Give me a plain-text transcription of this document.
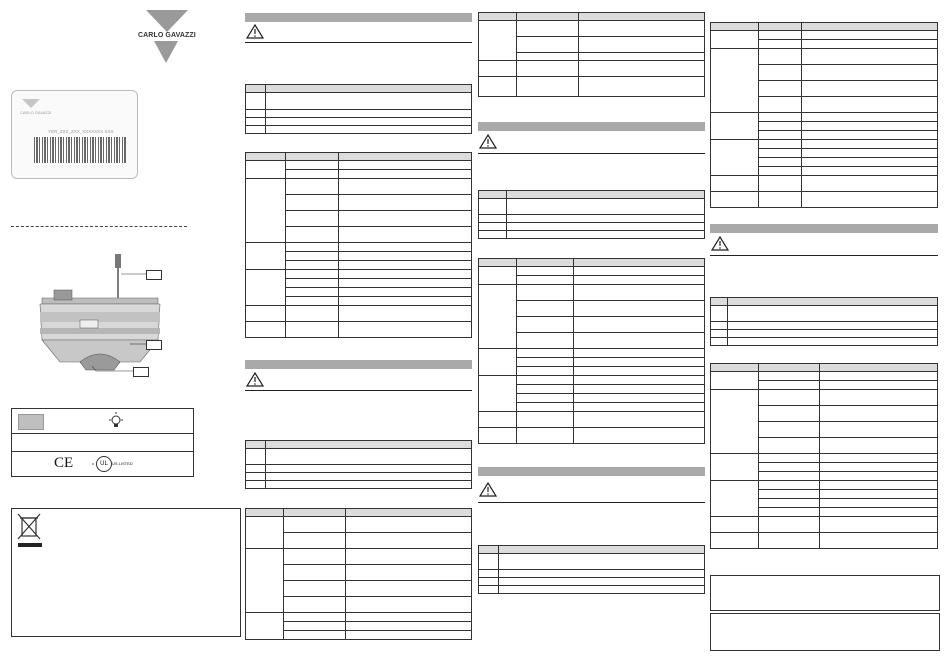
CARLO GAVAZZI
CARLO GAVAZZI
YER_ZXX_ZXX_XXXXXXX.XXX
CE	c	UL	US LISTED
